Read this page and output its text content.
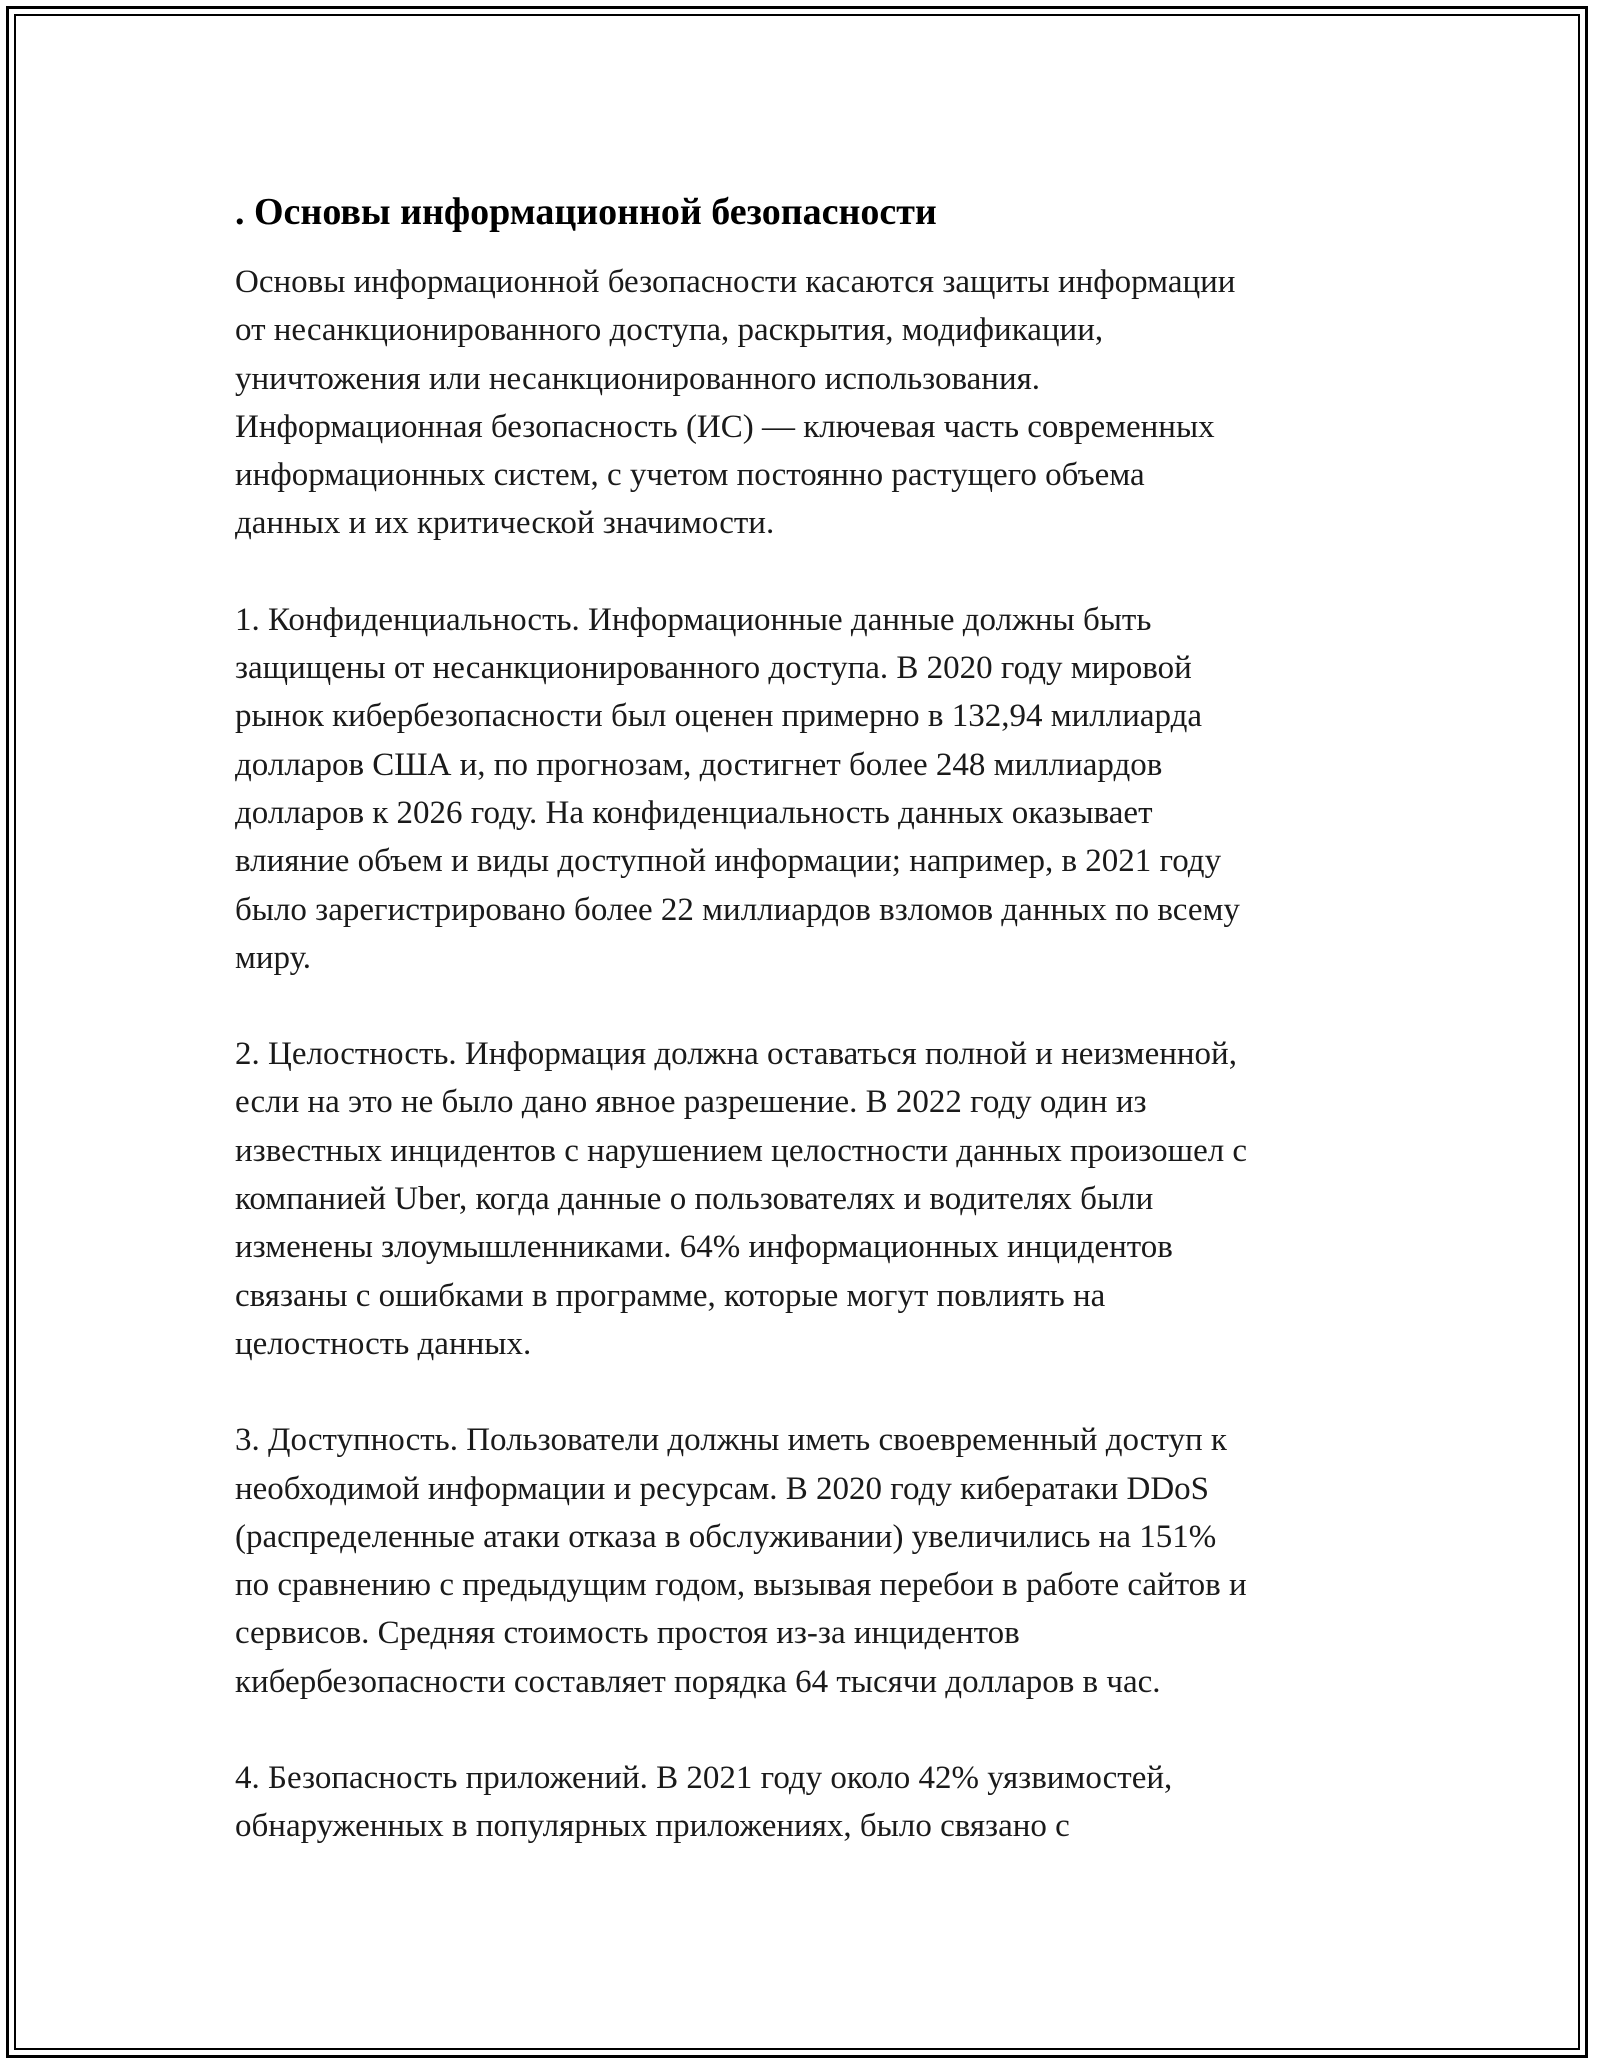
. Основы информационной безопасности

Основы информационной безопасности касаются защиты информации
от несанкционированного доступа, раскрытия, модификации,
уничтожения или несанкционированного использования.
Информационная безопасность (ИС) — ключевая часть современных
информационных систем, с учетом постоянно растущего объема
данных и их критической значимости.

1. Конфиденциальность. Информационные данные должны быть
защищены от несанкционированного доступа. В 2020 году мировой
рынок кибербезопасности был оценен примерно в 132,94 миллиарда
долларов США и, по прогнозам, достигнет более 248 миллиардов
долларов к 2026 году. На конфиденциальность данных оказывает
влияние объем и виды доступной информации; например, в 2021 году
было зарегистрировано более 22 миллиардов взломов данных по всему
миру.

2. Целостность. Информация должна оставаться полной и неизменной,
если на это не было дано явное разрешение. В 2022 году один из
известных инцидентов с нарушением целостности данных произошел с
компанией Uber, когда данные о пользователях и водителях были
изменены злоумышленниками. 64% информационных инцидентов
связаны с ошибками в программе, которые могут повлиять на
целостность данных.

3. Доступность. Пользователи должны иметь своевременный доступ к
необходимой информации и ресурсам. В 2020 году кибератаки DDoS
(распределенные атаки отказа в обслуживании) увеличились на 151%
по сравнению с предыдущим годом, вызывая перебои в работе сайтов и
сервисов. Средняя стоимость простоя из-за инцидентов
кибербезопасности составляет порядка 64 тысячи долларов в час.

4. Безопасность приложений. В 2021 году около 42% уязвимостей,
обнаруженных в популярных приложениях, было связано с
